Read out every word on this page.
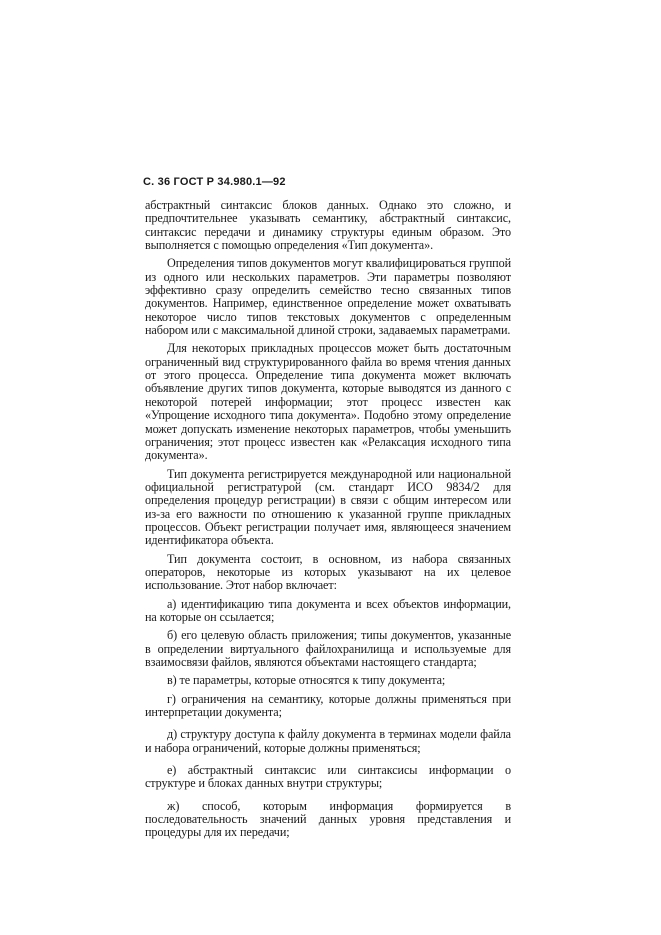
С. 36 ГОСТ Р 34.980.1—92

абстрактный синтаксис блоков данных. Однако это сложно, и предпочтительнее указывать семантику, абстрактный синтаксис, синтаксис передачи и динамику структуры единым образом. Это выполняется с помощью определения «Тип документа».

Определения типов документов могут квалифицироваться группой из одного или нескольких параметров. Эти параметры позволяют эффективно сразу определить семейство тесно связанных типов документов. Например, единственное определение может охватывать некоторое число типов текстовых документов с определенным набором или с максимальной длиной строки, задаваемых параметрами.

Для некоторых прикладных процессов может быть достаточным ограниченный вид структурированного файла во время чтения данных от этого процесса. Определение типа документа может включать объявление других типов документа, которые выводятся из данного с некоторой потерей информации; этот процесс известен как «Упрощение исходного типа документа». Подобно этому определение может допускать изменение некоторых параметров, чтобы уменьшить ограничения; этот процесс известен как «Релаксация исходного типа документа».

Тип документа регистрируется международной или национальной официальной регистратурой (см. стандарт ИСО 9834/2 для определения процедур регистрации) в связи с общим интересом или из-за его важности по отношению к указанной группе прикладных процессов. Объект регистрации получает имя, являющееся значением идентификатора объекта.

Тип документа состоит, в основном, из набора связанных операторов, некоторые из которых указывают на их целевое использование. Этот набор включает:

а) идентификацию типа документа и всех объектов информации, на которые он ссылается;

б) его целевую область приложения; типы документов, указанные в определении виртуального файлохранилища и используемые для взаимосвязи файлов, являются объектами настоящего стандарта;

в) те параметры, которые относятся к типу документа;

г) ограничения на семантику, которые должны применяться при интерпретации документа;

д) структуру доступа к файлу документа в терминах модели файла и набора ограничений, которые должны применяться;

е) абстрактный синтаксис или синтаксисы информации о структуре и блоках данных внутри структуры;

ж) способ, которым информация формируется в последовательность значений данных уровня представления и процедуры для их передачи;
